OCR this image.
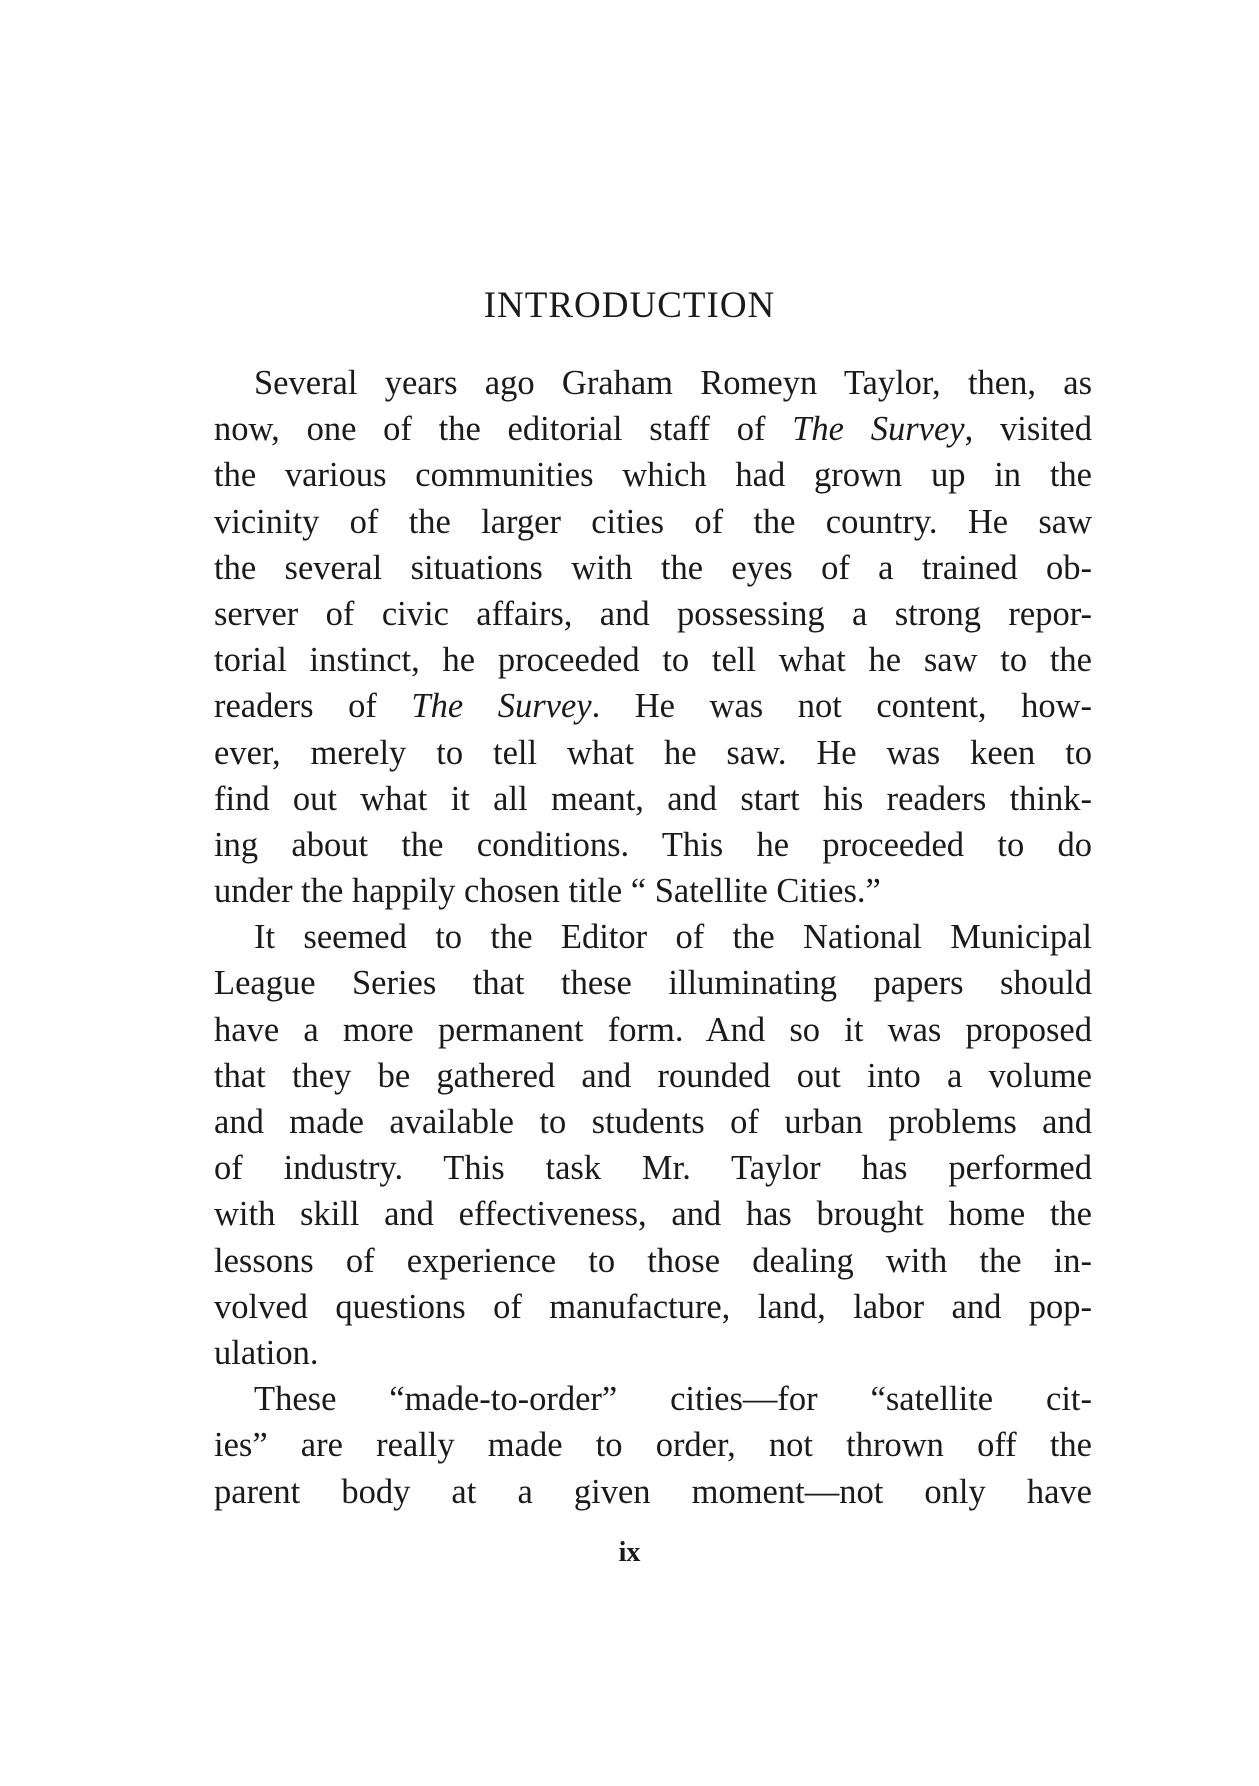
INTRODUCTION

Several years ago Graham Romeyn Taylor, then, as
now, one of the editorial staff of The Survey, visited
the various communities which had grown up in the
vicinity of the larger cities of the country. He saw
the several situations with the eyes of a trained ob-
server of civic affairs, and possessing a strong repor-
torial instinct, he proceeded to tell what he saw to the
readers of The Survey. He was not content, how-
ever, merely to tell what he saw. He was keen to
find out what it all meant, and start his readers think-
ing about the conditions. This he proceeded to do
under the happily chosen title “ Satellite Cities.”

It seemed to the Editor of the National Municipal
League Series that these illuminating papers should
have a more permanent form. And so it was proposed
that they be gathered and rounded out into a volume
and made available to students of urban problems and
of industry. This task Mr. Taylor has performed
with skill and effectiveness, and has brought home the
lessons of experience to those dealing with the in-
volved questions of manufacture, land, labor and pop-
ulation.

These “made-to-order” cities—for “satellite cit-
ies” are really made to order, not thrown off the
parent body at a given moment—not only have

ix
